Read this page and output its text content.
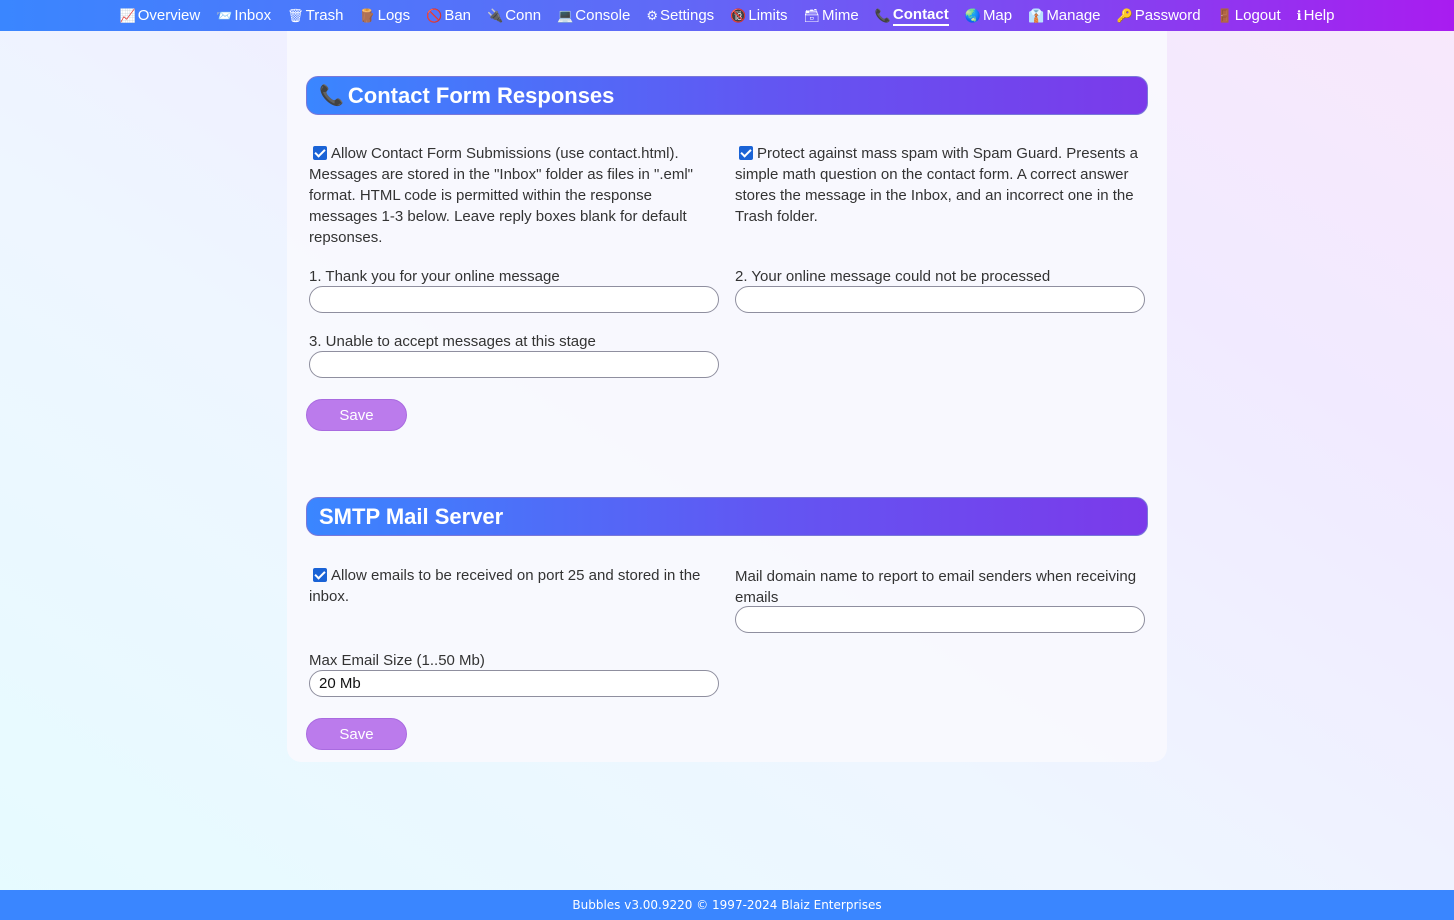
📈 Overview 📨 Inbox 🗑 Trash 🪵 Logs 🚫 Ban 🔌 Conn 💻 Console ⚙ Settings 🔞 Limits 🗃 Mime 📞 Contact 🌏 Map 👔 Manage 🔑 Password 🚪 Logout ℹ Help
📞 Contact Form Responses
Allow Contact Form Submissions (use contact.html). Messages are stored in the "Inbox" folder as files in ".eml" format. HTML code is permitted within the response messages 1-3 below. Leave reply boxes blank for default repsonses.
Protect against mass spam with Spam Guard. Presents a simple math question on the contact form. A correct answer stores the message in the Inbox, and an incorrect one in the Trash folder.
1. Thank you for your online message	2. Your online message could not be processed
3. Unable to accept messages at this stage
Save
SMTP Mail Server
Allow emails to be received on port 25 and stored in the inbox.
Mail domain name to report to email senders when receiving emails
Max Email Size (1..50 Mb)
20 Mb
Save
Bubbles v3.00.9220 © 1997-2024 Blaiz Enterprises
